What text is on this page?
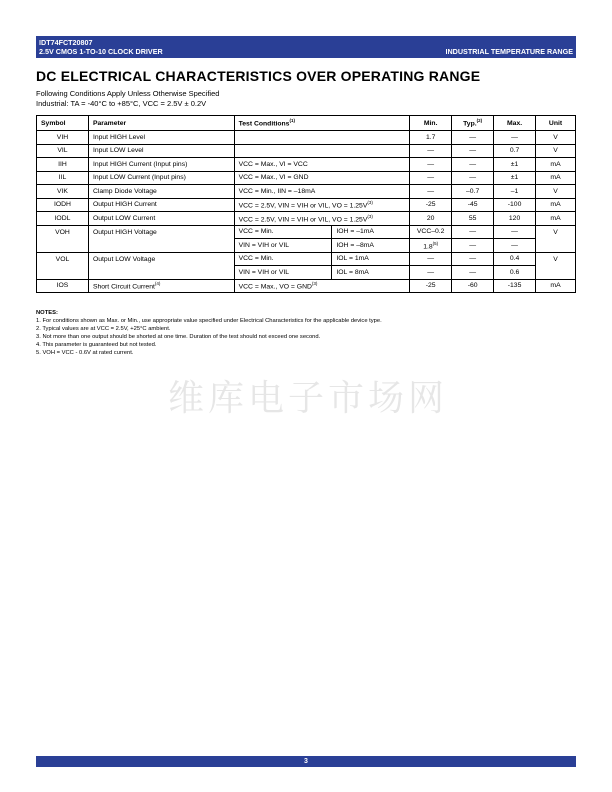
IDT74FCT20807
2.5V CMOS 1-TO-10 CLOCK DRIVER	INDUSTRIAL TEMPERATURE RANGE
DC ELECTRICAL CHARACTERISTICS OVER OPERATING RANGE
Following Conditions Apply Unless Otherwise Specified
Industrial: TA = -40°C to +85°C, VCC = 2.5V ± 0.2V
Symbol	Parameter	Test Conditions$^{(1)}$		Min.	Typ.$^{(2)}$	Max.	Unit
VIH	Input HIGH Level			1.7	—	—	V
VIL	Input LOW Level			—	—	0.7	V
IIH	Input HIGH Current (Input pins)	VCC = Max., VI = VCC		—	—	±1	mA
IIL	Input LOW Current (Input pins)	VCC = Max., VI = GND		—	—	±1	mA
VIK	Clamp Diode Voltage	VCC = Min., IIN = –18mA		—	–0.7	–1	V
IODH	Output HIGH Current	VCC = 2.5V, VIN = VIH or VIL, VO = $1.25V^{(3)}$		-25	-45	-100	mA
IODL	Output LOW Current	VCC = 2.5V, VIN = VIH or VIL, VO = $1.25V^{(3)}$		20	55	120	mA
VOH	Output HIGH Voltage	VCC = Min.	IOH = –1mA	VCC–0.2	—	—	V
		VIN = VIH or VIL	IOH = –8mA	1.8$^{(5)}$	—	—	
VOL	Output LOW Voltage	VCC = Min.	IOL = 1mA	—	—	0.4	V
		VIN = VIH or VIL	IOL = 8mA	—	—	0.6	
IOS	Short Circuit Current$^{(4)}$	VCC = Max., VO = $GND^{(3)}$		-25	-60	-135	mA
NOTES:
1. For conditions shown as Max. or Min., use appropriate value specified under Electrical Characteristics for the applicable device type.
2. Typical values are at VCC = 2.5V, +25°C ambient.
3. Not more than one output should be shorted at one time. Duration of the test should not exceed one second.
4. This parameter is guaranteed but not tested.
5. VOH = VCC - 0.6V at rated current.
维库电子市场网
3
